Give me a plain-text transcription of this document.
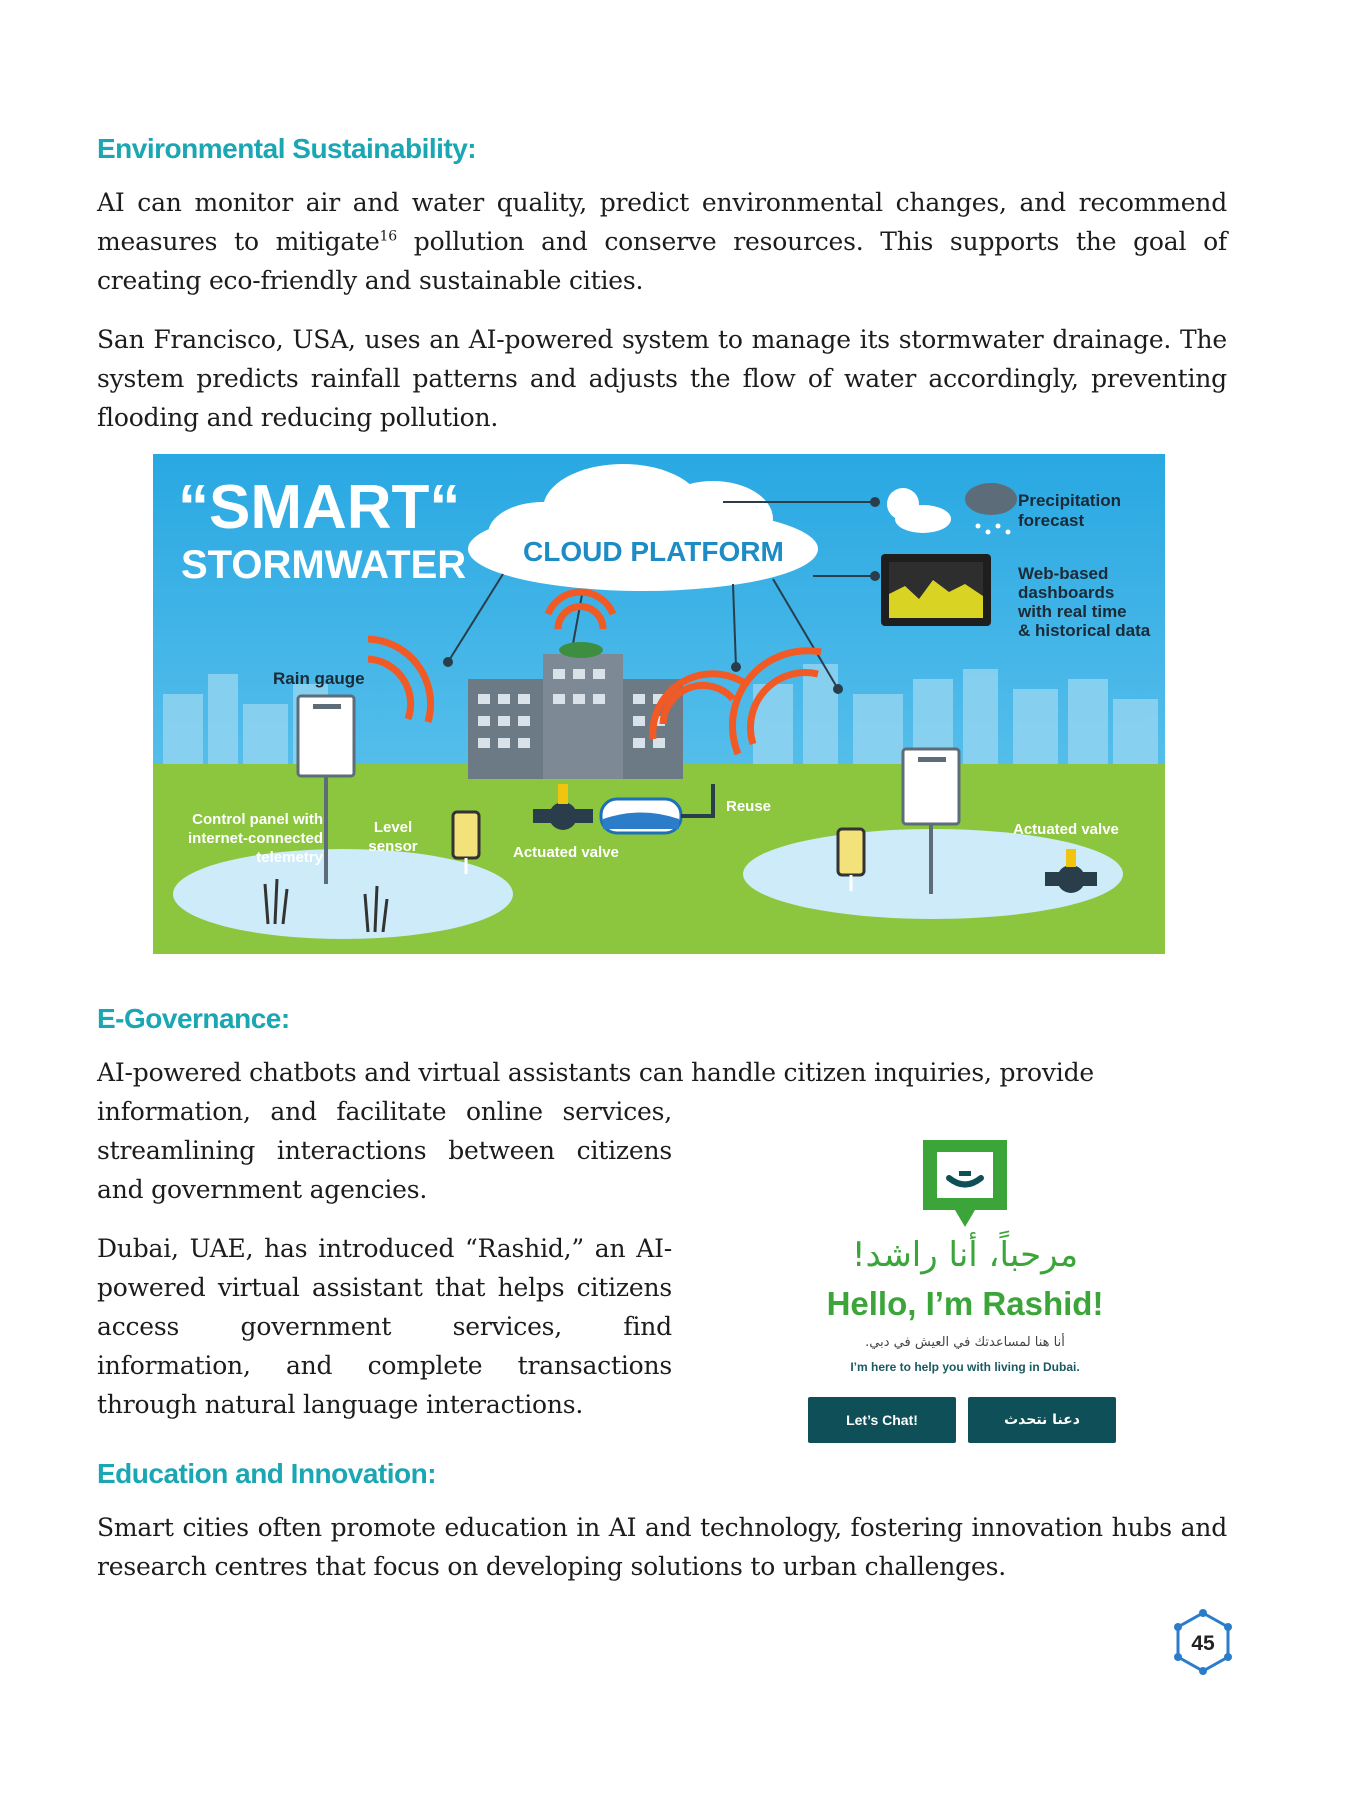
Environmental Sustainability:

AI can monitor air and water quality, predict environmental changes, and recommend measures to mitigate$^{16}$ pollution and conserve resources. This supports the goal of creating eco-friendly and sustainable cities.

San Francisco, USA, uses an AI-powered system to manage its stormwater drainage. The system predicts rainfall patterns and adjusts the flow of water accordingly, preventing flooding and reducing pollution.

“SMART“
STORMWATER CLOUD PLATFORM
Precipitation
forecast
Web-based
dashboards
with real time
& historical data
Rain gauge
Control panel with
internet-connected
telemetry
Level
sensor	Actuated valve
Reuse
Actuated valve
E-Governance:

AI-powered chatbots and virtual assistants can handle citizen inquiries, provide

information, and facilitate online services, streamlining interactions between citizens and government agencies.

Dubai, UAE, has introduced “Rashid,” an AI-powered virtual assistant that helps citizens access government services, find information, and complete transactions through natural language interactions.

مرحباً، أنا راشد!
Hello, I’m Rashid!
أنا هنا لمساعدتك في العيش في دبي.
I’m here to help you with living in Dubai.
Let’s Chat!	دعنا نتحدث
Education and Innovation:

Smart cities often promote education in AI and technology, fostering innovation hubs and research centres that focus on developing solutions to urban challenges.

45
